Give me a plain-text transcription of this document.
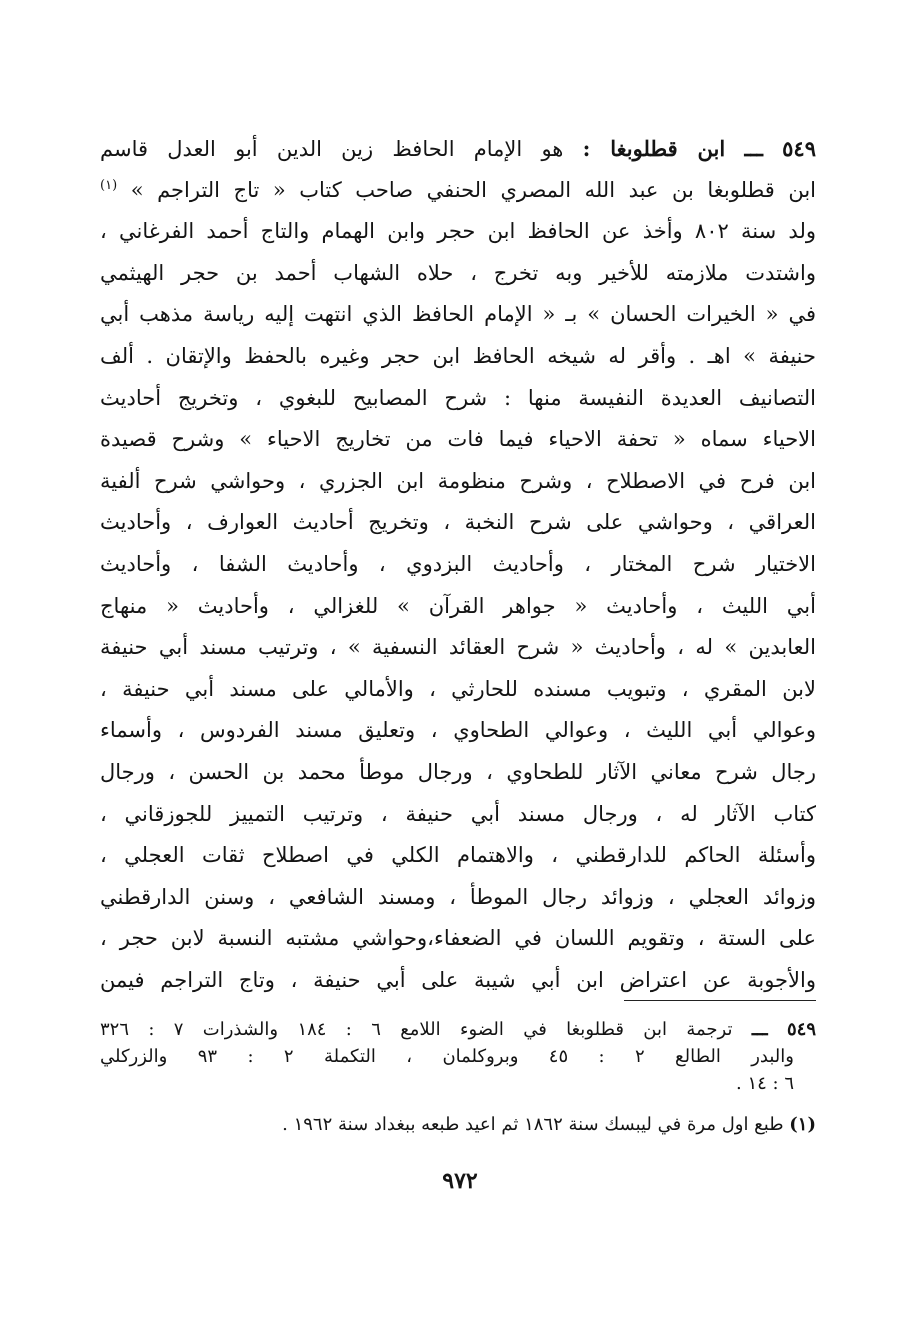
٥٤٩ ـــ ابن قطلوبغا : هو الإمام الحافظ زين الدين أبو العدل قاسم
ابن قطلوبغا بن عبد الله المصري الحنفي صاحب كتاب « تاج التراجم » $^{(١)}$
ولد سنة ٨٠٢ وأخذ عن الحافظ ابن حجر وابن الهمام والتاج أحمد الفرغاني ،
واشتدت ملازمته للأخير وبه تخرج ، حلاه الشهاب أحمد بن حجر الهيثمي
في « الخيرات الحسان » بـ « الإمام الحافظ الذي انتهت إليه رياسة مذهب أبي
حنيفة » اهـ . وأقر له شيخه الحافظ ابن حجر وغيره بالحفظ والإتقان . ألف
التصانيف العديدة النفيسة منها : شرح المصابيح للبغوي ، وتخريج أحاديث
الاحياء سماه « تحفة الاحياء فيما فات من تخاريج الاحياء » وشرح قصيدة
ابن فرح في الاصطلاح ، وشرح منظومة ابن الجزري ، وحواشي شرح ألفية
العراقي ، وحواشي على شرح النخبة ، وتخريج أحاديث العوارف ، وأحاديث
الاختيار شرح المختار ، وأحاديث البزدوي ، وأحاديث الشفا ، وأحاديث
أبي الليث ، وأحاديث « جواهر القرآن » للغزالي ، وأحاديث « منهاج
العابدين » له ، وأحاديث « شرح العقائد النسفية » ، وترتيب مسند أبي حنيفة
لابن المقري ، وتبويب مسنده للحارثي ، والأمالي على مسند أبي حنيفة ،
وعوالي أبي الليث ، وعوالي الطحاوي ، وتعليق مسند الفردوس ، وأسماء
رجال شرح معاني الآثار للطحاوي ، ورجال موطأ محمد بن الحسن ، ورجال
كتاب الآثار له ، ورجال مسند أبي حنيفة ، وترتيب التمييز للجوزقاني ،
وأسئلة الحاكم للدارقطني ، والاهتمام الكلي في اصطلاح ثقات العجلي ،
وزوائد العجلي ، وزوائد رجال الموطأ ، ومسند الشافعي ، وسنن الدارقطني
على الستة ، وتقويم اللسان في الضعفاء،وحواشي مشتبه النسبة لابن حجر ،
والأجوبة عن اعتراض ابن أبي شيبة على أبي حنيفة ، وتاج التراجم فيمن
٥٤٩ ـــ ترجمة ابن قطلوبغا في الضوء اللامع ٦ : ١٨٤ والشذرات ٧ : ٣٢٦
والبدر الطالع ٢ : ٤٥ وبروكلمان ، التكملة ٢ : ٩٣ والزركلي
٦ : ١٤ .
(١) طبع اول مرة في ليبسك سنة ١٨٦٢ ثم اعيد طبعه ببغداد سنة ١٩٦٢ .
٩٧٢
